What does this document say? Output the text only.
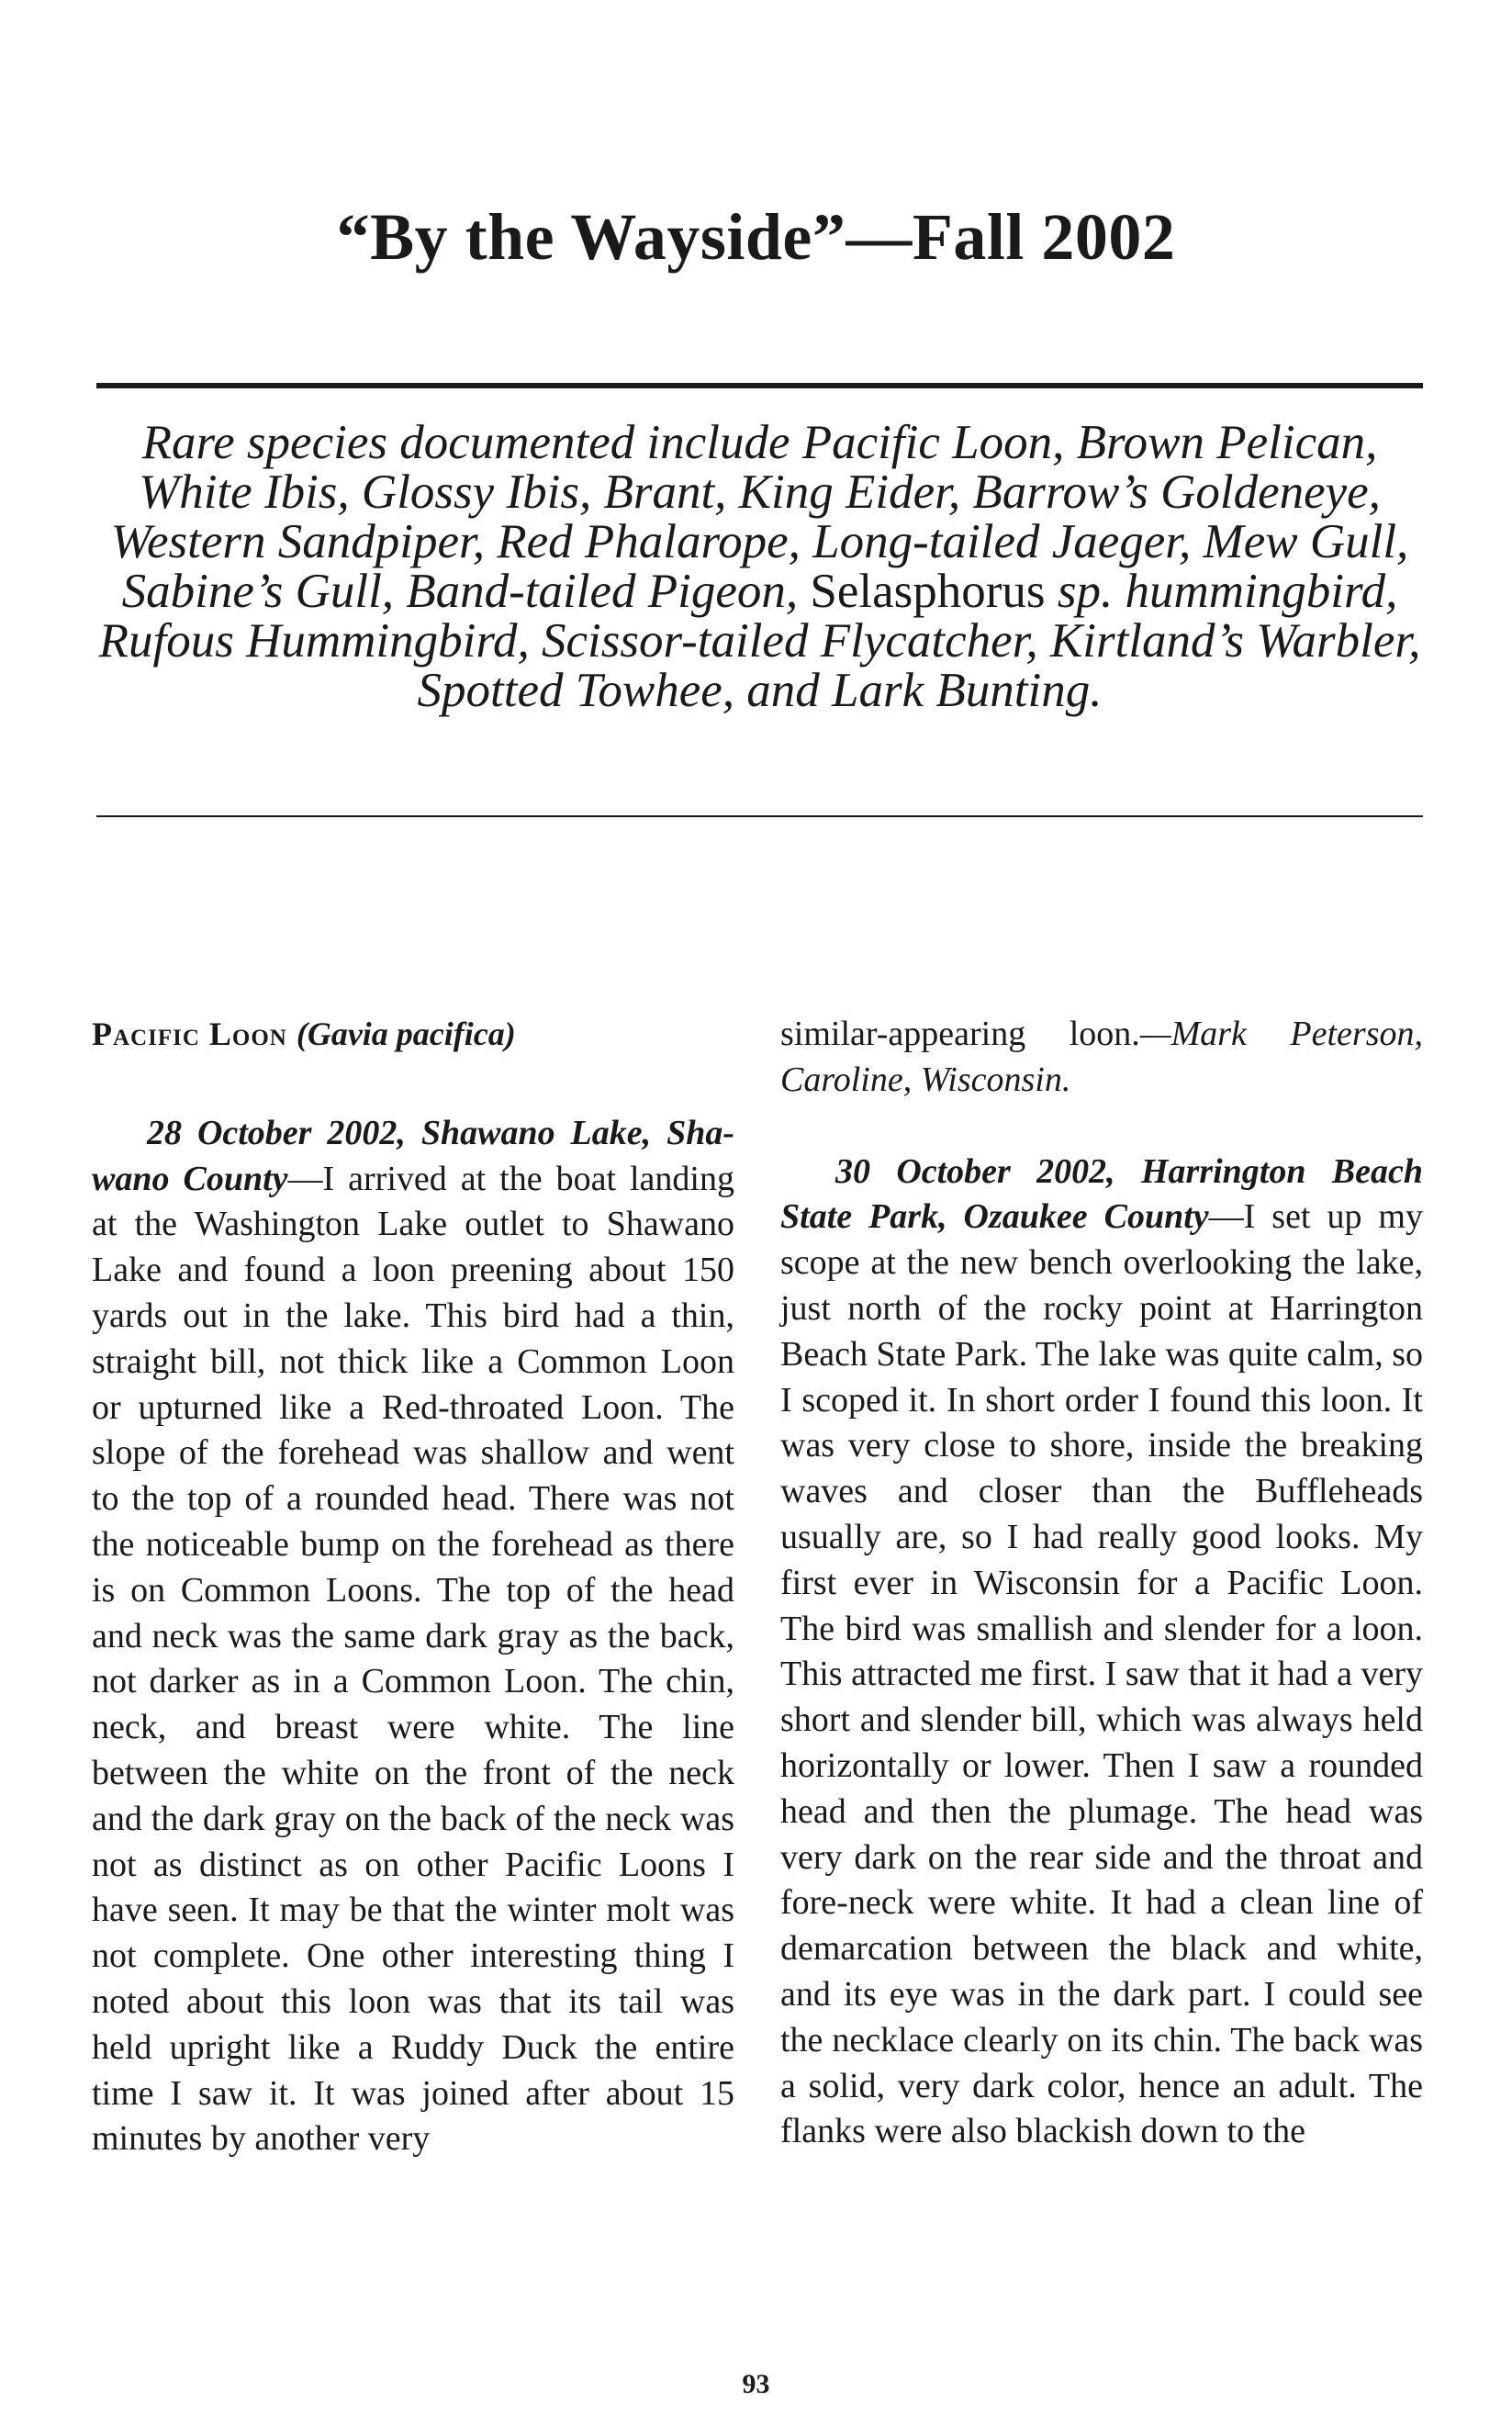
“By the Wayside”—Fall 2002
Rare species documented include Pacific Loon, Brown Pelican, White Ibis, Glossy Ibis, Brant, King Eider, Barrow’s Goldeneye, Western Sandpiper, Red Phalarope, Long-tailed Jaeger, Mew Gull, Sabine’s Gull, Band-tailed Pigeon, Selasphorus sp. hummingbird, Rufous Hummingbird, Scissor-tailed Flycatcher, Kirtland’s Warbler, Spotted Towhee, and Lark Bunting.
Pacific Loon (Gavia pacifica)

28 October 2002, Shawano Lake, Shawano County—I arrived at the boat landing at the Washington Lake outlet to Shawano Lake and found a loon preening about 150 yards out in the lake. This bird had a thin, straight bill, not thick like a Common Loon or upturned like a Red-throated Loon. The slope of the forehead was shallow and went to the top of a rounded head. There was not the noticeable bump on the forehead as there is on Common Loons. The top of the head and neck was the same dark gray as the back, not darker as in a Common Loon. The chin, neck, and breast were white. The line between the white on the front of the neck and the dark gray on the back of the neck was not as distinct as on other Pacific Loons I have seen. It may be that the winter molt was not complete. One other interesting thing I noted about this loon was that its tail was held upright like a Ruddy Duck the entire time I saw it. It was joined after about 15 minutes by another very

similar-appearing loon.—Mark Peterson, Caroline, Wisconsin.

30 October 2002, Harrington Beach State Park, Ozaukee County—I set up my scope at the new bench overlooking the lake, just north of the rocky point at Harrington Beach State Park. The lake was quite calm, so I scoped it. In short order I found this loon. It was very close to shore, inside the breaking waves and closer than the Buffleheads usually are, so I had really good looks. My first ever in Wisconsin for a Pacific Loon. The bird was smallish and slender for a loon. This attracted me first. I saw that it had a very short and slender bill, which was always held horizontally or lower. Then I saw a rounded head and then the plumage. The head was very dark on the rear side and the throat and fore-neck were white. It had a clean line of demarcation between the black and white, and its eye was in the dark part. I could see the necklace clearly on its chin. The back was a solid, very dark color, hence an adult. The flanks were also blackish down to the

93
